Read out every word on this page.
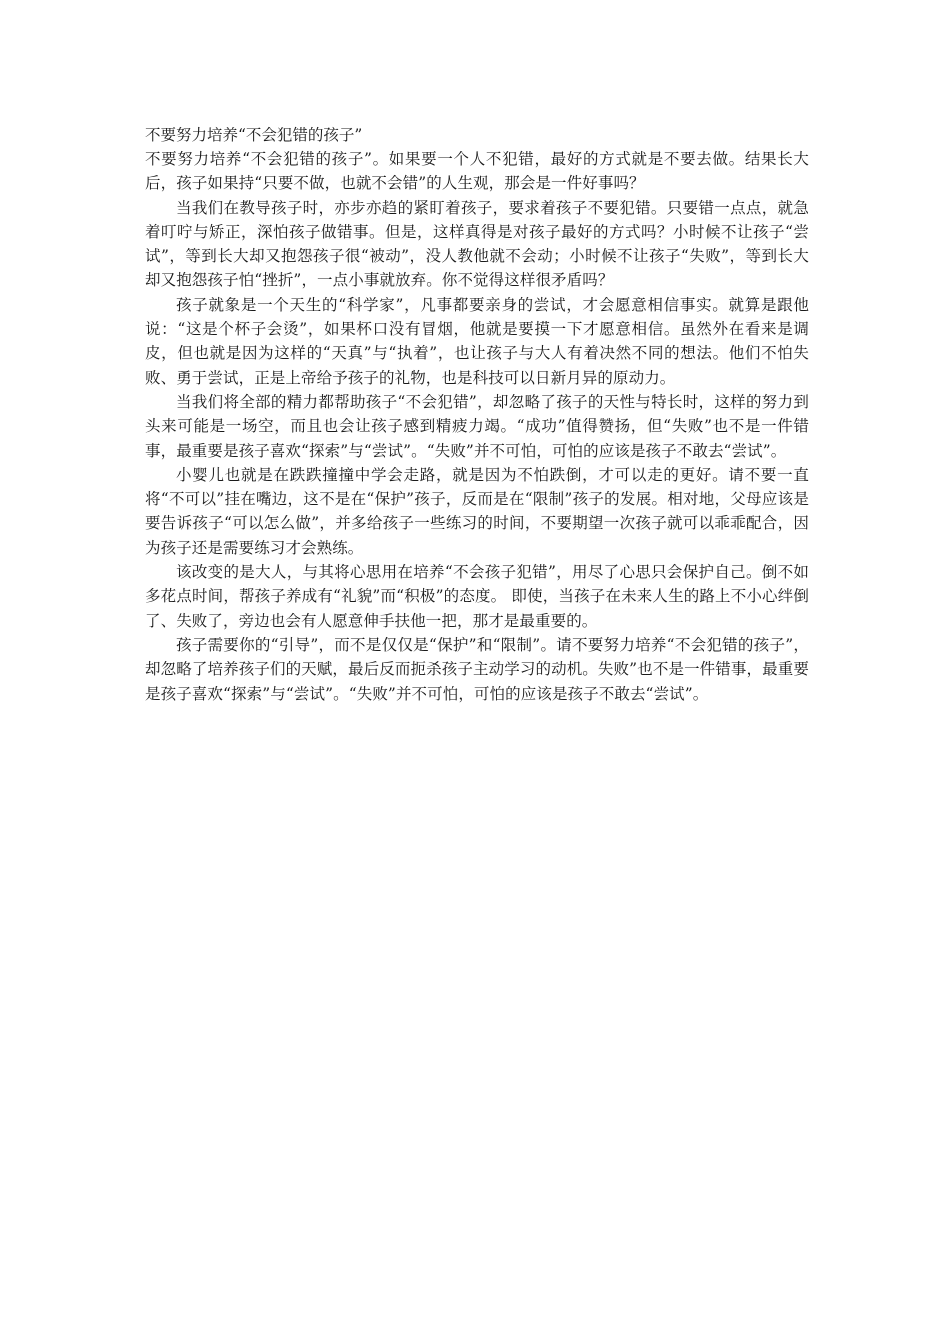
不要努力培养“不会犯错的孩子”

不要努力培养“不会犯错的孩子”。如果要一个人不犯错，最好的方式就是不要去做。结果长大后，孩子如果持“只要不做，也就不会错”的人生观，那会是一件好事吗？

当我们在教导孩子时，亦步亦趋的紧盯着孩子，要求着孩子不要犯错。只要错一点点，就急着叮咛与矫正，深怕孩子做错事。但是，这样真得是对孩子最好的方式吗？小时候不让孩子“尝试”，等到长大却又抱怨孩子很“被动”，没人教他就不会动；小时候不让孩子“失败”，等到长大却又抱怨孩子怕“挫折”，一点小事就放弃。你不觉得这样很矛盾吗？

孩子就象是一个天生的“科学家”，凡事都要亲身的尝试，才会愿意相信事实。就算是跟他说：“这是个杯子会烫”，如果杯口没有冒烟，他就是要摸一下才愿意相信。虽然外在看来是调皮，但也就是因为这样的“天真”与“执着”，也让孩子与大人有着决然不同的想法。他们不怕失败、勇于尝试，正是上帝给予孩子的礼物，也是科技可以日新月异的原动力。

当我们将全部的精力都帮助孩子“不会犯错”，却忽略了孩子的天性与特长时，这样的努力到头来可能是一场空，而且也会让孩子感到精疲力竭。“成功”值得赞扬，但“失败”也不是一件错事，最重要是孩子喜欢“探索”与“尝试”。“失败”并不可怕，可怕的应该是孩子不敢去“尝试”。

小婴儿也就是在跌跌撞撞中学会走路，就是因为不怕跌倒，才可以走的更好。请不要一直将“不可以”挂在嘴边，这不是在“保护”孩子，反而是在“限制”孩子的发展。相对地，父母应该是要告诉孩子“可以怎么做”，并多给孩子一些练习的时间，不要期望一次孩子就可以乖乖配合，因为孩子还是需要练习才会熟练。

该改变的是大人，与其将心思用在培养“不会孩子犯错”，用尽了心思只会保护自己。倒不如多花点时间，帮孩子养成有“礼貌”而“积极”的态度。 即使，当孩子在未来人生的路上不小心绊倒了、失败了，旁边也会有人愿意伸手扶他一把，那才是最重要的。

孩子需要你的“引导”，而不是仅仅是“保护”和“限制”。请不要努力培养“不会犯错的孩子”，却忽略了培养孩子们的天赋，最后反而扼杀孩子主动学习的动机。失败”也不是一件错事，最重要是孩子喜欢“探索”与“尝试”。“失败”并不可怕，可怕的应该是孩子不敢去“尝试”。
